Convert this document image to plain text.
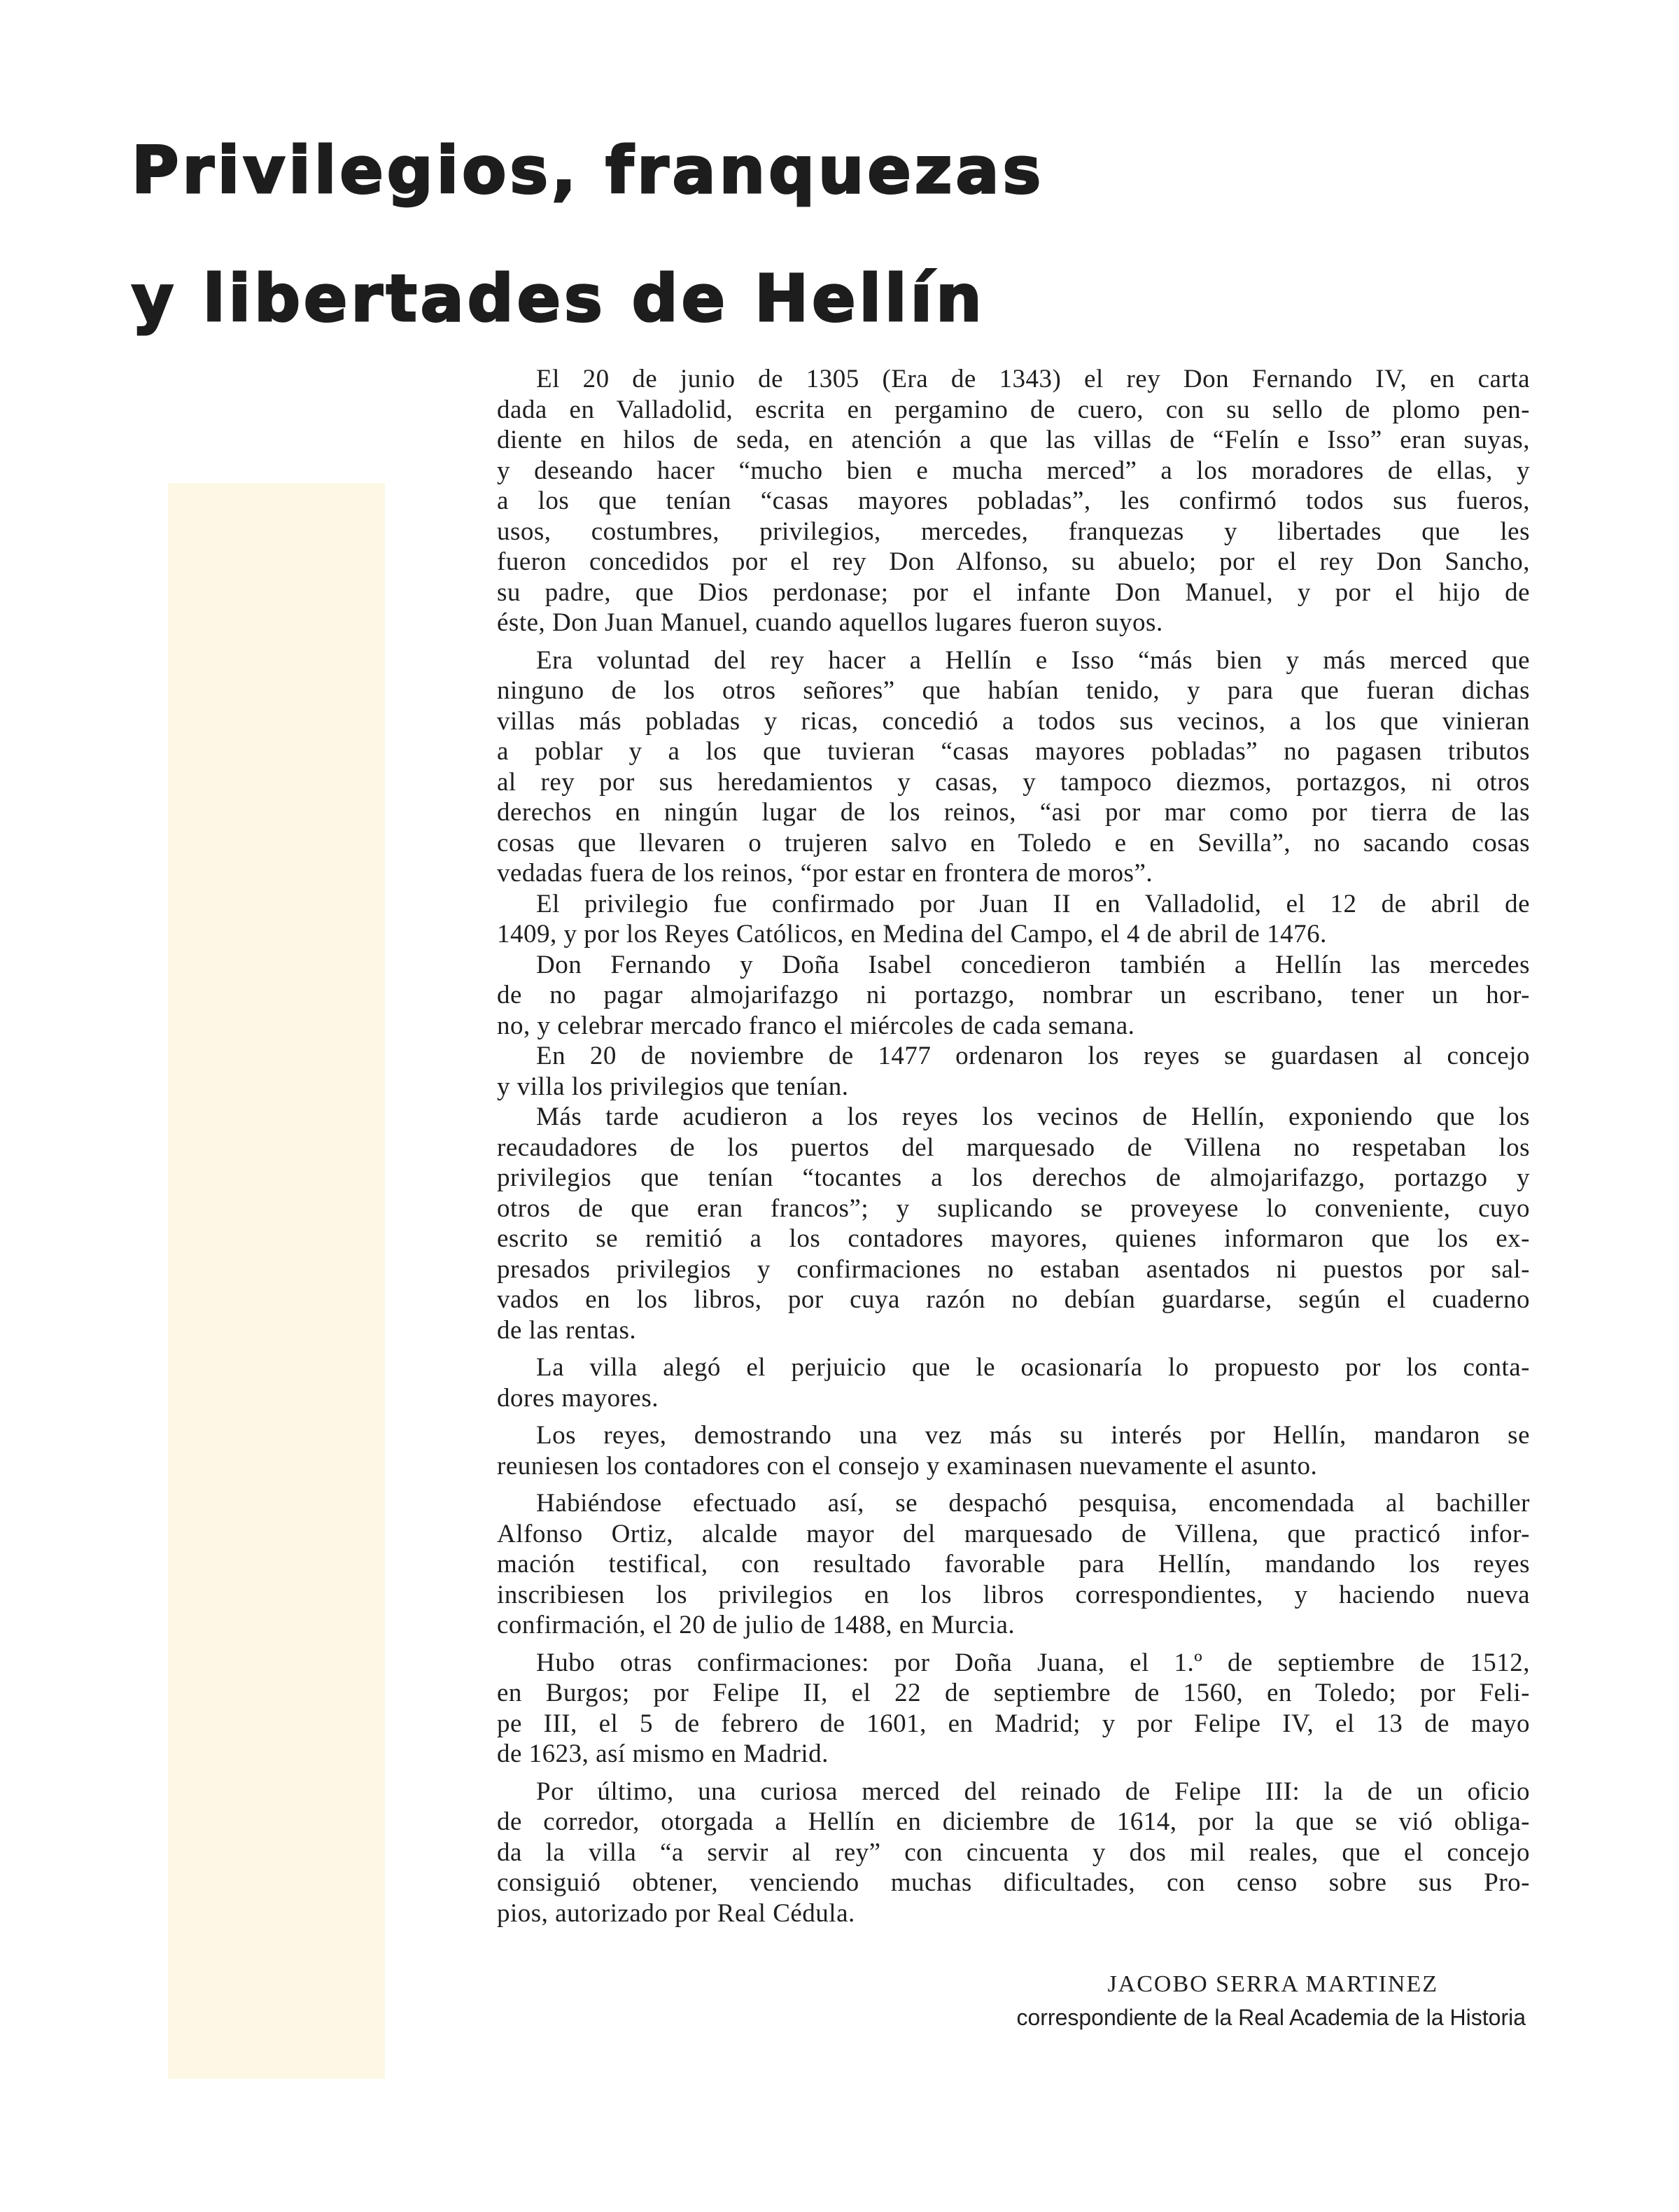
Privilegios, franquezas
y libertades de Hellín
El 20 de junio de 1305 (Era de 1343) el rey Don Fernando IV, en carta
dada en Valladolid, escrita en pergamino de cuero, con su sello de plomo pen-
diente en hilos de seda, en atención a que las villas de “Felín e Isso” eran suyas,
y deseando hacer “mucho bien e mucha merced” a los moradores de ellas, y
a los que tenían “casas mayores pobladas”, les confirmó todos sus fueros,
usos, costumbres, privilegios, mercedes, franquezas y libertades que les
fueron concedidos por el rey Don Alfonso, su abuelo; por el rey Don Sancho,
su padre, que Dios perdonase; por el infante Don Manuel, y por el hijo de
éste, Don Juan Manuel, cuando aquellos lugares fueron suyos.
Era voluntad del rey hacer a Hellín e Isso “más bien y más merced que
ninguno de los otros señores” que habían tenido, y para que fueran dichas
villas más pobladas y ricas, concedió a todos sus vecinos, a los que vinieran
a poblar y a los que tuvieran “casas mayores pobladas” no pagasen tributos
al rey por sus heredamientos y casas, y tampoco diezmos, portazgos, ni otros
derechos en ningún lugar de los reinos, “asi por mar como por tierra de las
cosas que llevaren o trujeren salvo en Toledo e en Sevilla”, no sacando cosas
vedadas fuera de los reinos, “por estar en frontera de moros”.
El privilegio fue confirmado por Juan II en Valladolid, el 12 de abril de
1409, y por los Reyes Católicos, en Medina del Campo, el 4 de abril de 1476.
Don Fernando y Doña Isabel concedieron también a Hellín las mercedes
de no pagar almojarifazgo ni portazgo, nombrar un escribano, tener un hor-
no, y celebrar mercado franco el miércoles de cada semana.
En 20 de noviembre de 1477 ordenaron los reyes se guardasen al concejo
y villa los privilegios que tenían.
Más tarde acudieron a los reyes los vecinos de Hellín, exponiendo que los
recaudadores de los puertos del marquesado de Villena no respetaban los
privilegios que tenían “tocantes a los derechos de almojarifazgo, portazgo y
otros de que eran francos”; y suplicando se proveyese lo conveniente, cuyo
escrito se remitió a los contadores mayores, quienes informaron que los ex-
presados privilegios y confirmaciones no estaban asentados ni puestos por sal-
vados en los libros, por cuya razón no debían guardarse, según el cuaderno
de las rentas.
La villa alegó el perjuicio que le ocasionaría lo propuesto por los conta-
dores mayores.
Los reyes, demostrando una vez más su interés por Hellín, mandaron se
reuniesen los contadores con el consejo y examinasen nuevamente el asunto.
Habiéndose efectuado así, se despachó pesquisa, encomendada al bachiller
Alfonso Ortiz, alcalde mayor del marquesado de Villena, que practicó infor-
mación testifical, con resultado favorable para Hellín, mandando los reyes
inscribiesen los privilegios en los libros correspondientes, y haciendo nueva
confirmación, el 20 de julio de 1488, en Murcia.
Hubo otras confirmaciones: por Doña Juana, el 1.º de septiembre de 1512,
en Burgos; por Felipe II, el 22 de septiembre de 1560, en Toledo; por Feli-
pe III, el 5 de febrero de 1601, en Madrid; y por Felipe IV, el 13 de mayo
de 1623, así mismo en Madrid.
Por último, una curiosa merced del reinado de Felipe III: la de un oficio
de corredor, otorgada a Hellín en diciembre de 1614, por la que se vió obliga-
da la villa “a servir al rey” con cincuenta y dos mil reales, que el concejo
consiguió obtener, venciendo muchas dificultades, con censo sobre sus Pro-
pios, autorizado por Real Cédula.

JACOBO SERRA MARTINEZ

correspondiente de la Real Academia de la Historia
